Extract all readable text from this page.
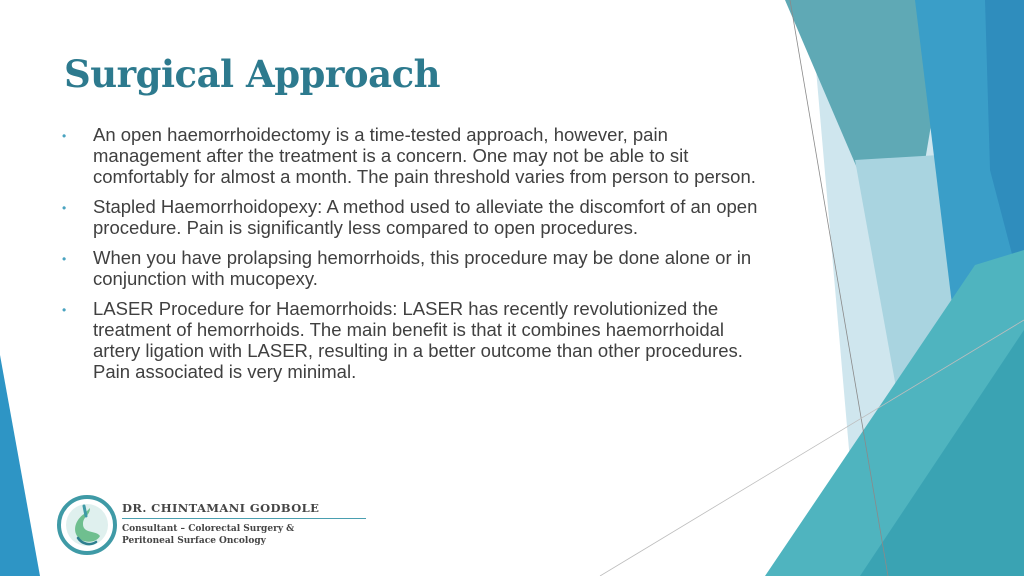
Surgical Approach
• An open haemorrhoidectomy is a time-tested approach, however, pain management after the treatment is a concern. One may not be able to sit comfortably for almost a month. The pain threshold varies from person to person.
• Stapled Haemorrhoidopexy: A method used to alleviate the discomfort of an open procedure. Pain is significantly less compared to open procedures.
• When you have prolapsing hemorrhoids, this procedure may be done alone or in conjunction with mucopexy.
• LASER Procedure for Haemorrhoids: LASER has recently revolutionized the treatment of hemorrhoids. The main benefit is that it combines haemorrhoidal artery ligation with LASER, resulting in a better outcome than other procedures. Pain associated is very minimal.

DR. CHINTAMANI GODBOLE

Consultant – Colorectal Surgery &
Peritoneal Surface Oncology
